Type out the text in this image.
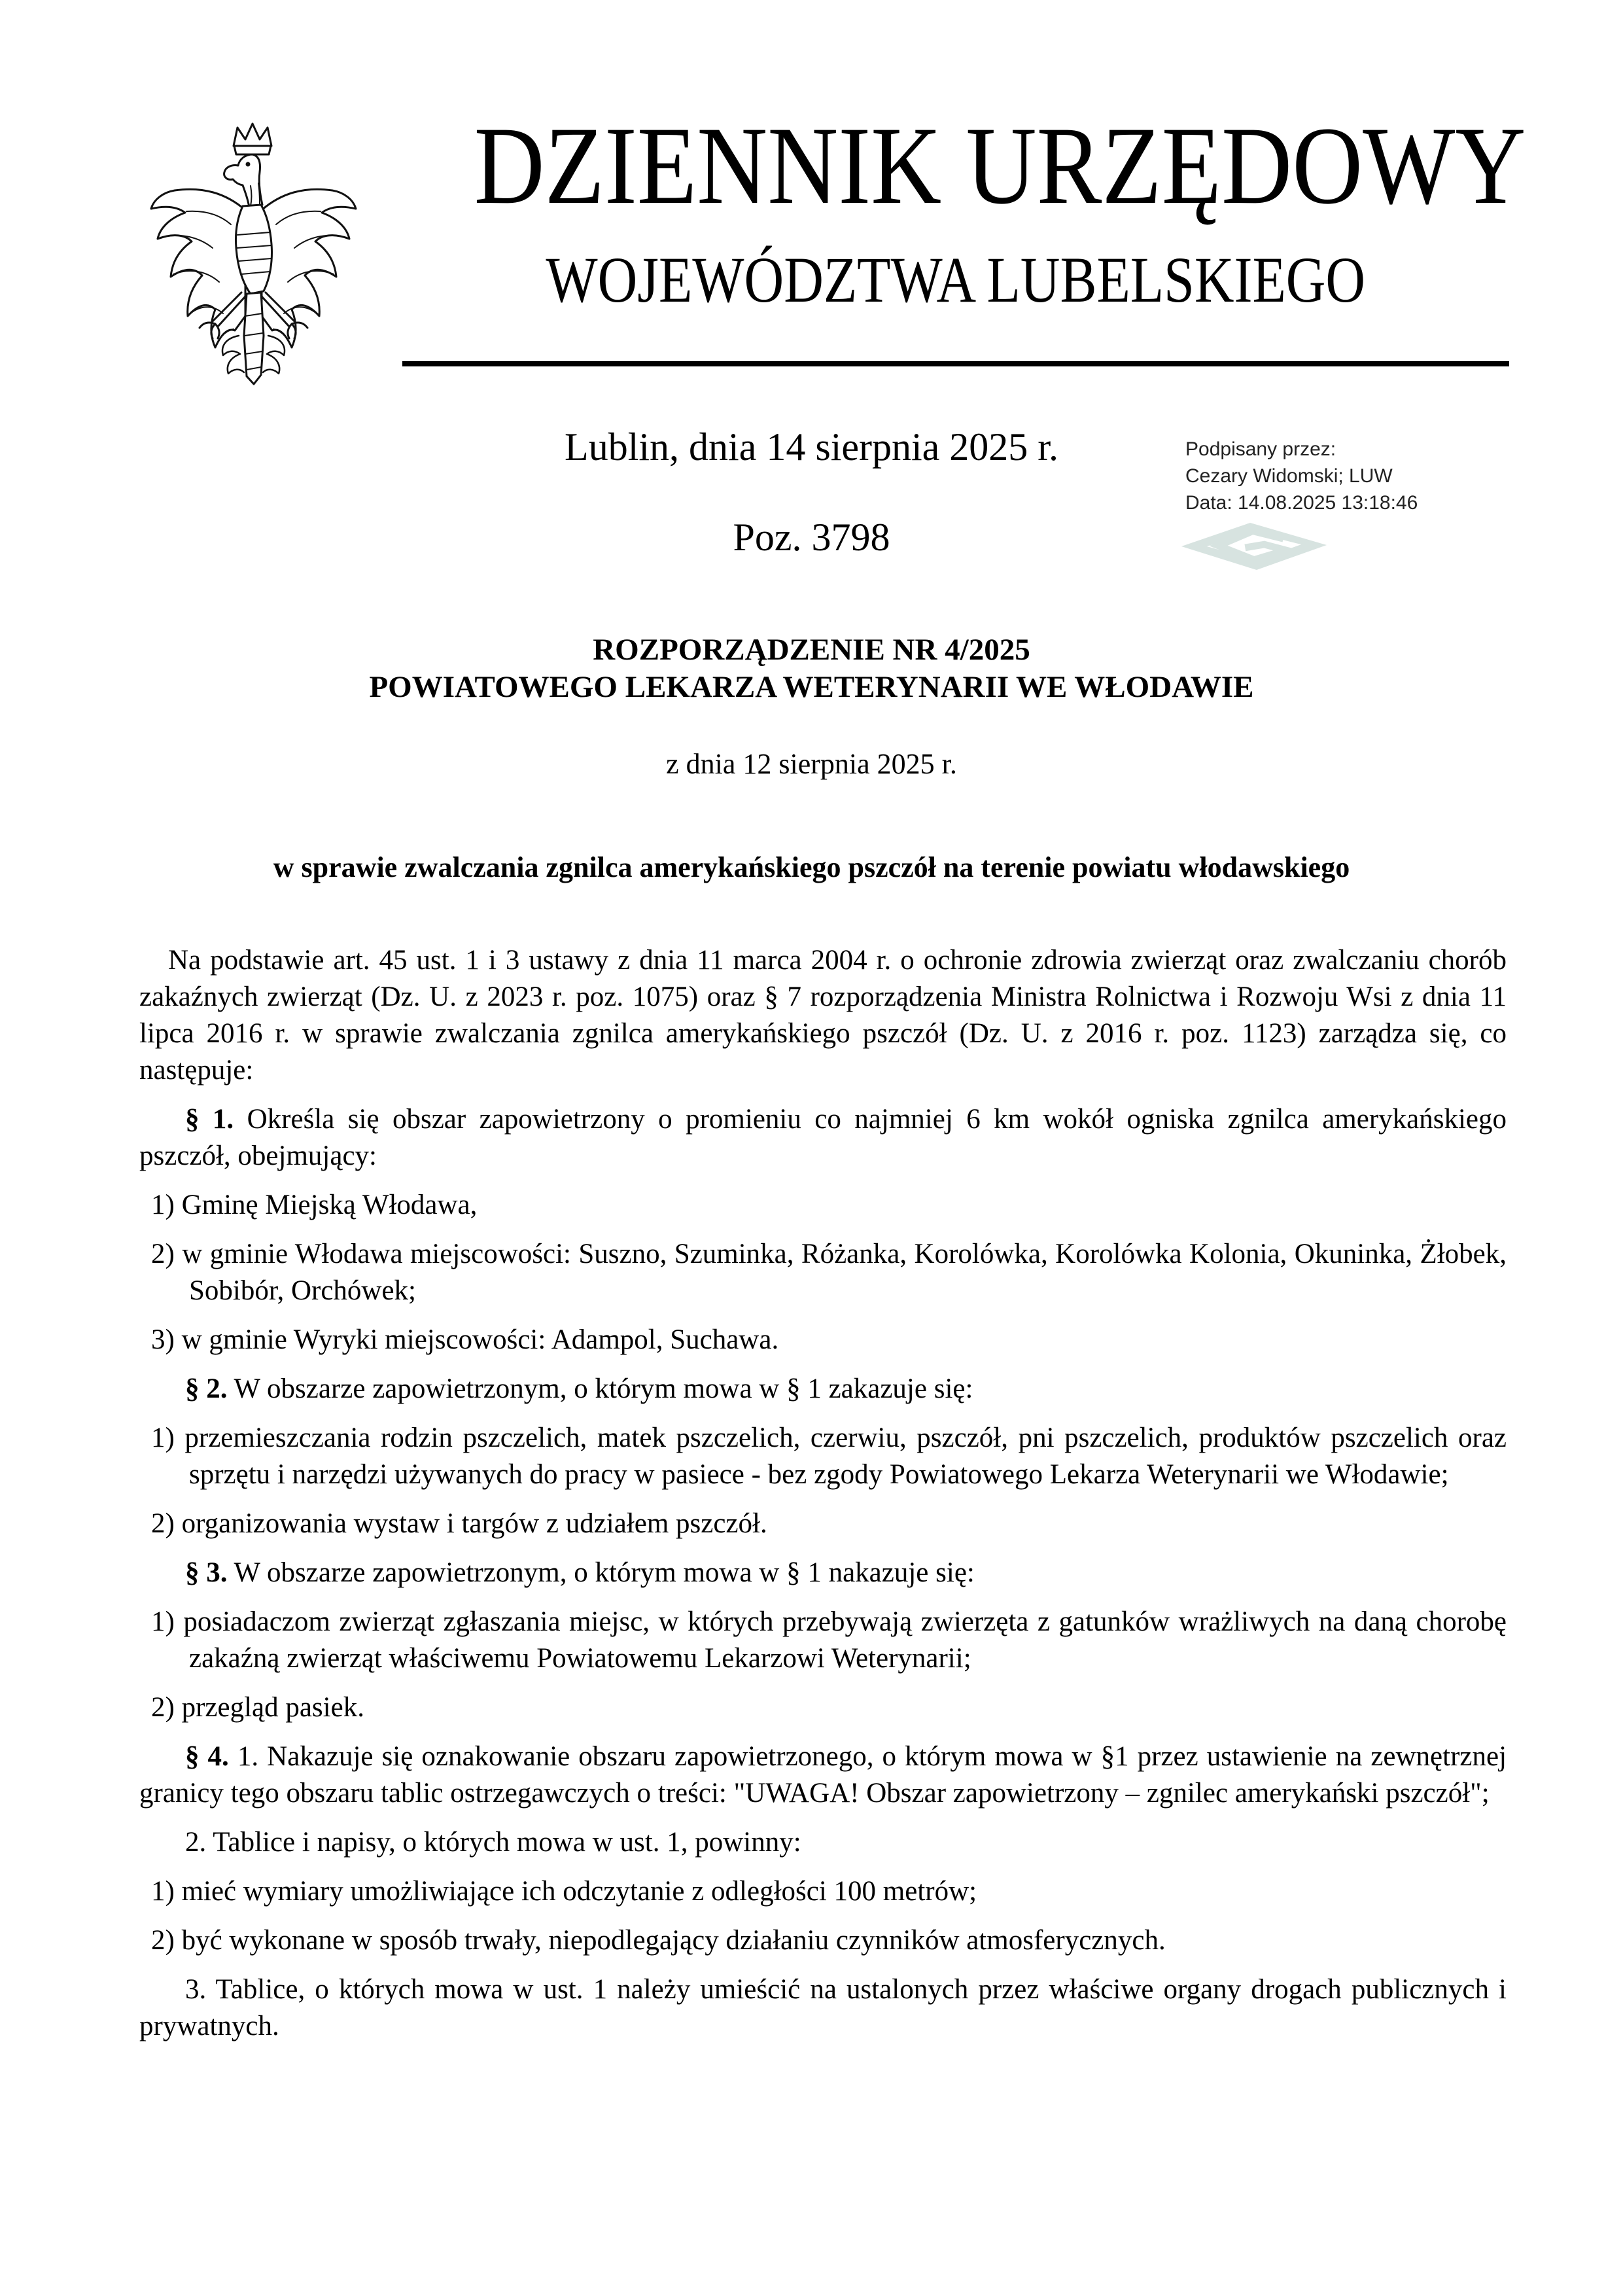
DZIENNIK URZĘDOWY
WOJEWÓDZTWA LUBELSKIEGO
Lublin, dnia 14 sierpnia 2025 r.	Podpisany przez:
Cezary Widomski; LUW
Data: 14.08.2025 13:18:46
Poz. 3798
ROZPORZĄDZENIE NR 4/2025
POWIATOWEGO LEKARZA WETERYNARII WE WŁODAWIE
z dnia 12 sierpnia 2025 r.
w sprawie zwalczania zgnilca amerykańskiego pszczół na terenie powiatu włodawskiego

Na podstawie art. 45 ust. 1 i 3 ustawy z dnia 11 marca 2004 r. o ochronie zdrowia zwierząt oraz zwalczaniu chorób zakaźnych zwierząt (Dz. U. z 2023 r. poz. 1075) oraz § 7 rozporządzenia Ministra Rolnictwa i Rozwoju Wsi z dnia 11 lipca 2016 r. w sprawie zwalczania zgnilca amerykańskiego pszczół (Dz. U. z 2016 r. poz. 1123) zarządza się, co następuje:

§ 1. Określa się obszar zapowietrzony o promieniu co najmniej 6 km wokół ogniska zgnilca amerykańskiego pszczół, obejmujący:

1) Gminę Miejską Włodawa,

2) w gminie Włodawa miejscowości: Suszno, Szuminka, Różanka, Korolówka, Korolówka Kolonia, Okuninka, Żłobek, Sobibór, Orchówek;

3) w gminie Wyryki miejscowości: Adampol, Suchawa.

§ 2. W obszarze zapowietrzonym, o którym mowa w § 1 zakazuje się:

1) przemieszczania rodzin pszczelich, matek pszczelich, czerwiu, pszczół, pni pszczelich, produktów pszczelich oraz sprzętu i narzędzi używanych do pracy w pasiece - bez zgody Powiatowego Lekarza Weterynarii we Włodawie;

2) organizowania wystaw i targów z udziałem pszczół.

§ 3. W obszarze zapowietrzonym, o którym mowa w § 1 nakazuje się:

1) posiadaczom zwierząt zgłaszania miejsc, w których przebywają zwierzęta z gatunków wrażliwych na daną chorobę zakaźną zwierząt właściwemu Powiatowemu Lekarzowi Weterynarii;

2) przegląd pasiek.

§ 4. 1. Nakazuje się oznakowanie obszaru zapowietrzonego, o którym mowa w §1 przez ustawienie na zewnętrznej granicy tego obszaru tablic ostrzegawczych o treści: "UWAGA! Obszar zapowietrzony – zgnilec amerykański pszczół";

2. Tablice i napisy, o których mowa w ust. 1, powinny:

1) mieć wymiary umożliwiające ich odczytanie z odległości 100 metrów;

2) być wykonane w sposób trwały, niepodlegający działaniu czynników atmosferycznych.

3. Tablice, o których mowa w ust. 1 należy umieścić na ustalonych przez właściwe organy drogach publicznych i prywatnych.
